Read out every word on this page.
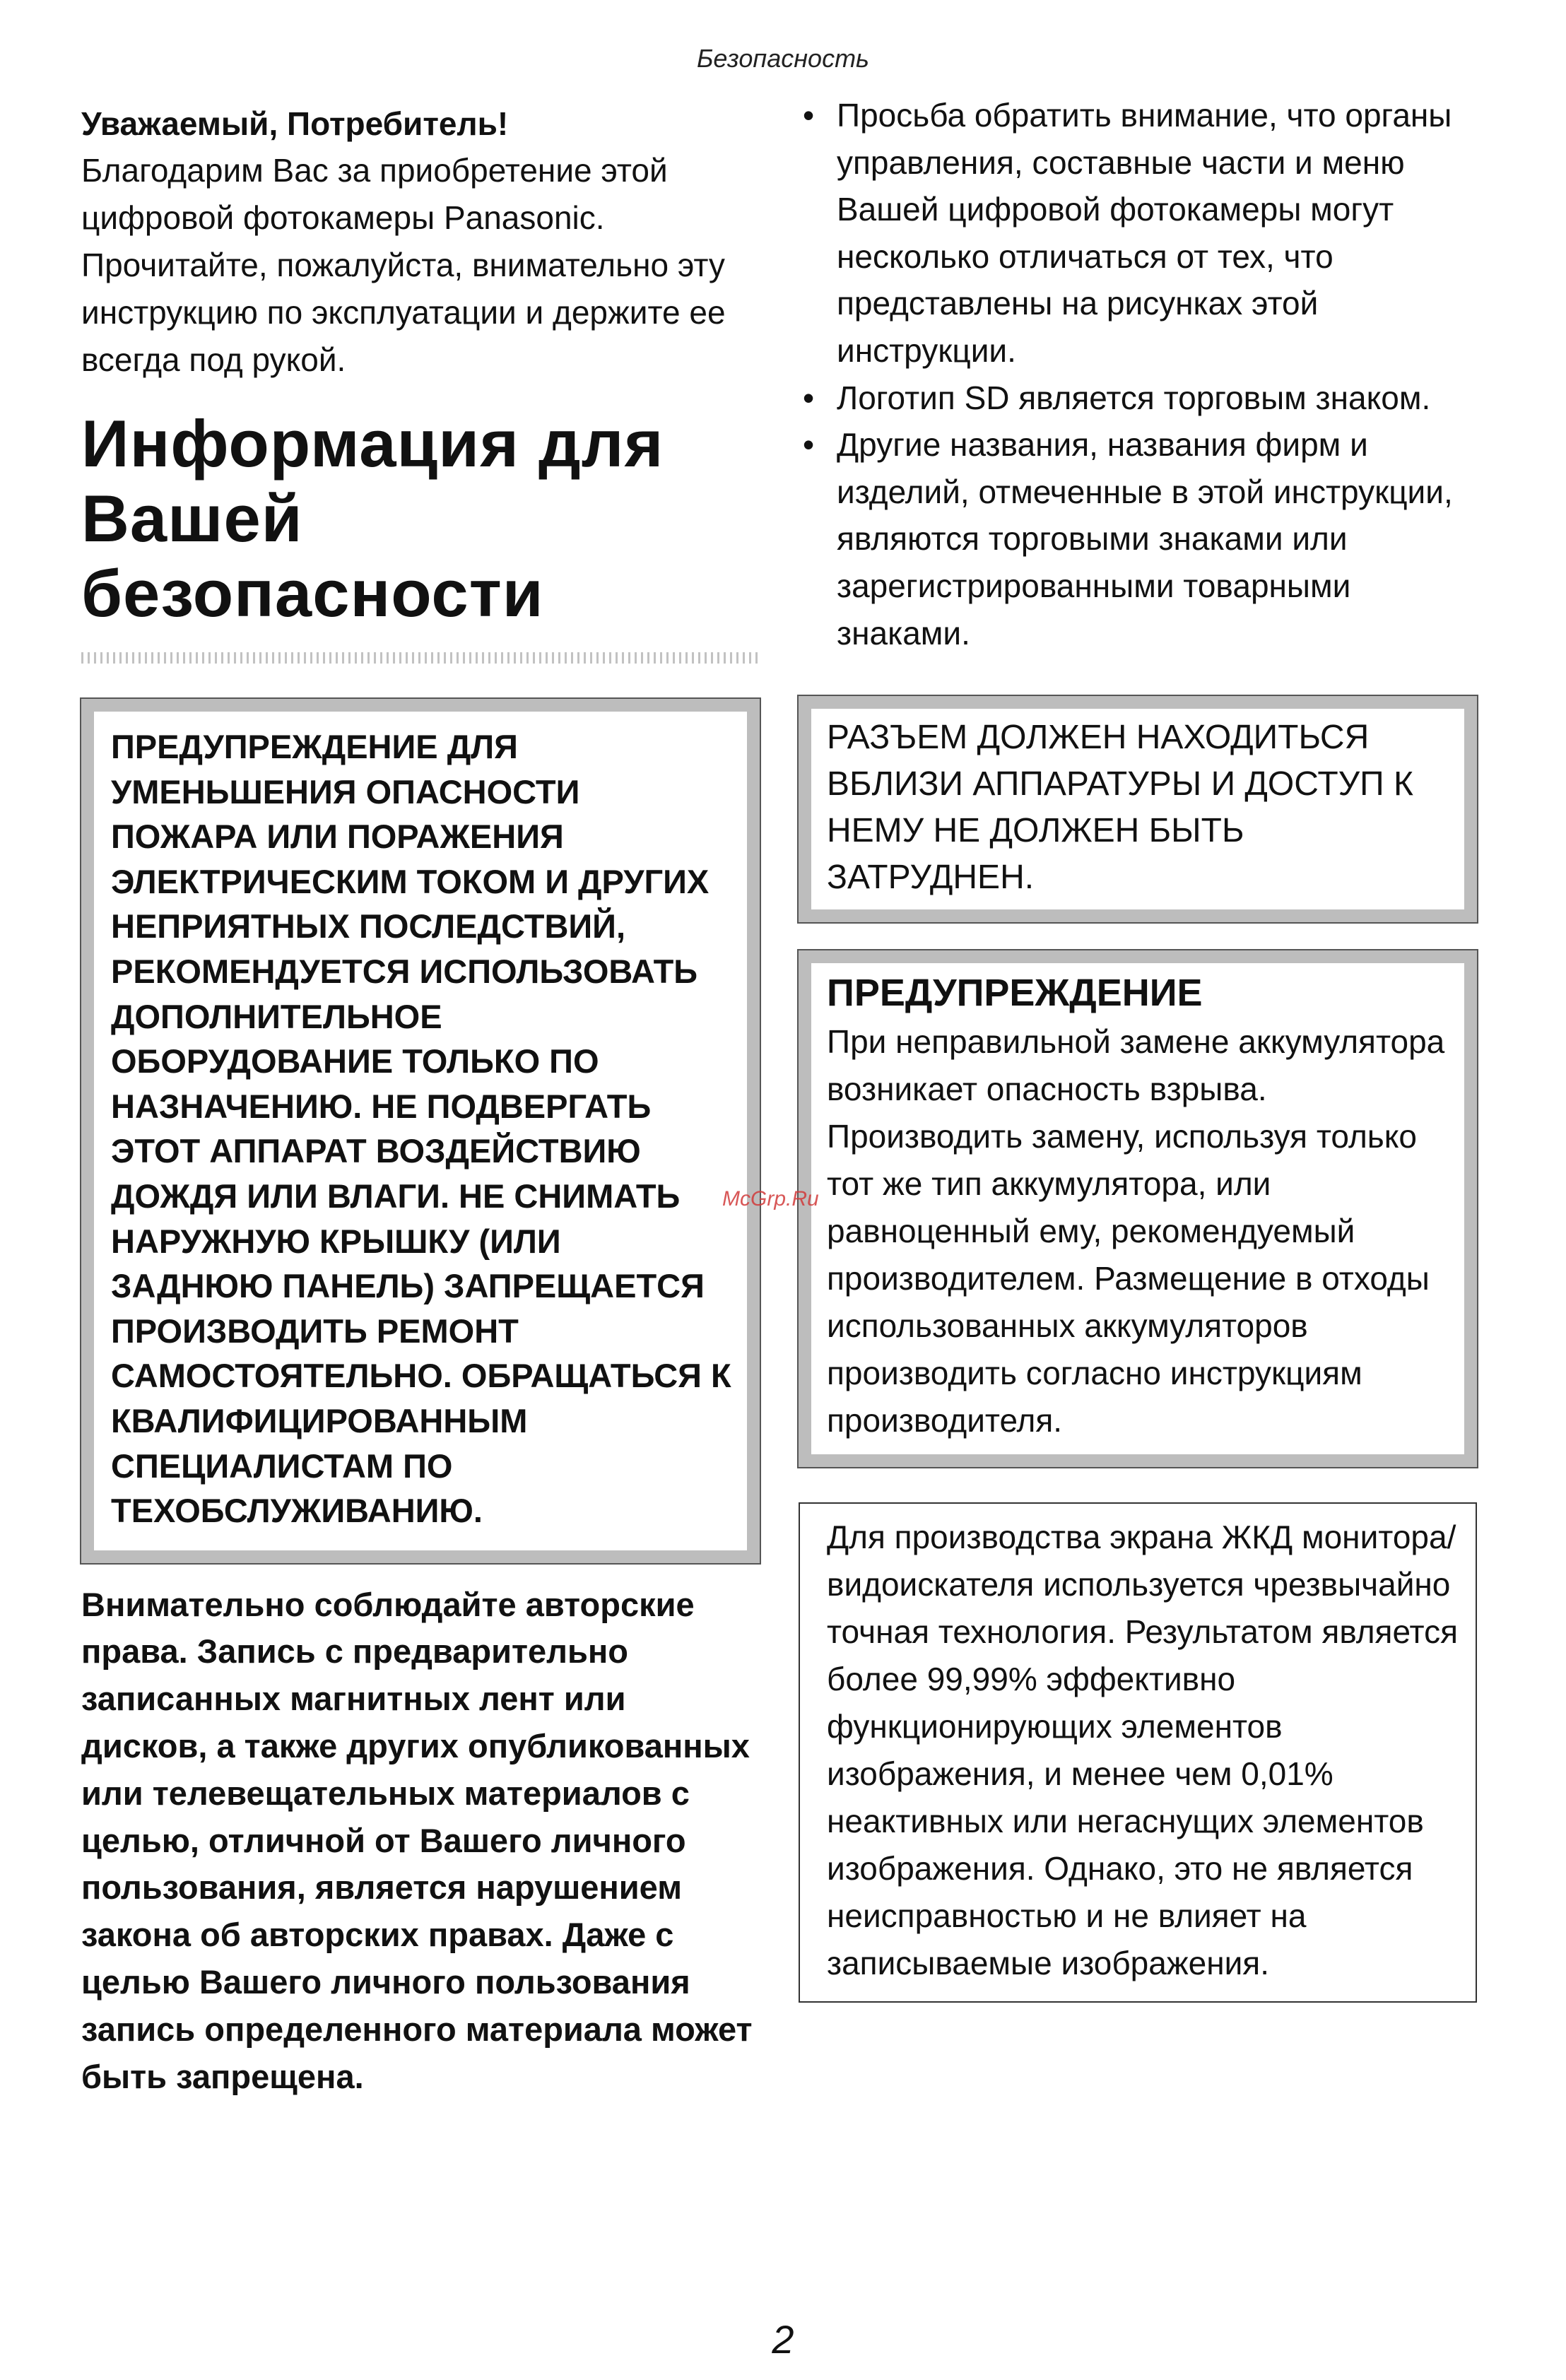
Безопасность

Уважаемый, Потребитель!

Благодарим Вас за приобретение этой цифровой фотокамеры Panasonic. Прочитайте, пожалуйста, внимательно эту инструкцию по эксплуатации и держите ее всегда под рукой.

Информация для Вашей безопасности

ПРЕДУПРЕЖДЕНИЕ ДЛЯ УМЕНЬШЕНИЯ ОПАСНОСТИ ПОЖАРА ИЛИ ПОРАЖЕНИЯ ЭЛЕКТРИЧЕСКИМ ТОКОМ И ДРУГИХ НЕПРИЯТНЫХ ПОСЛЕДСТВИЙ, РЕКОМЕНДУЕТСЯ ИСПОЛЬЗОВАТЬ ДОПОЛНИТЕЛЬНОЕ ОБОРУДОВАНИЕ ТОЛЬКО ПО НАЗНАЧЕНИЮ. НЕ ПОДВЕРГАТЬ ЭТОТ АППАРАТ ВОЗДЕЙСТВИЮ ДОЖДЯ ИЛИ ВЛАГИ. НЕ СНИМАТЬ НАРУЖНУЮ КРЫШКУ (ИЛИ ЗАДНЮЮ ПАНЕЛЬ) ЗАПРЕЩАЕТСЯ ПРОИЗВОДИТЬ РЕМОНТ САМОСТОЯТЕЛЬНО. ОБРАЩАТЬСЯ К КВАЛИФИЦИРОВАННЫМ СПЕЦИАЛИСТАМ ПО ТЕХОБСЛУЖИВАНИЮ.

Внимательно соблюдайте авторские права. Запись с предварительно записанных магнитных лент или дисков, а также других опубликованных или телевещательных материалов с целью, отличной от Вашего личного пользования, является нарушением закона об авторских правах. Даже с целью Вашего личного пользования запись определенного материала может быть запрещена.

• Просьба обратить внимание, что органы управления, составные части и меню Вашей цифровой фотокамеры могут несколько отличаться от тех, что представлены на рисунках этой инструкции.
• Логотип SD является торговым знаком.
• Другие названия, названия фирм и изделий, отмеченные в этой инструкции, являются торговыми знаками или зарегистрированными товарными знаками.
РАЗЪЕМ ДОЛЖЕН НАХОДИТЬСЯ ВБЛИЗИ АППАРАТУРЫ И ДОСТУП К НЕМУ НЕ ДОЛЖЕН БЫТЬ ЗАТРУДНЕН.

ПРЕДУПРЕЖДЕНИЕ

При неправильной замене аккумулятора возникает опасность взрыва. Производить замену, используя только тот же тип аккумулятора, или равноценный ему, рекомендуемый производителем. Размещение в отходы использованных аккумуляторов производить согласно инструкциям производителя.

Для производства экрана ЖКД монитора/видоискателя используется чрезвычайно точная технология. Результатом является более 99,99% эффективно функционирующих элементов изображения, и менее чем 0,01% неактивных или негаснущих элементов изображения. Однако, это не является неисправностью и не влияет на записываемые изображения.

McGrp.Ru
2
